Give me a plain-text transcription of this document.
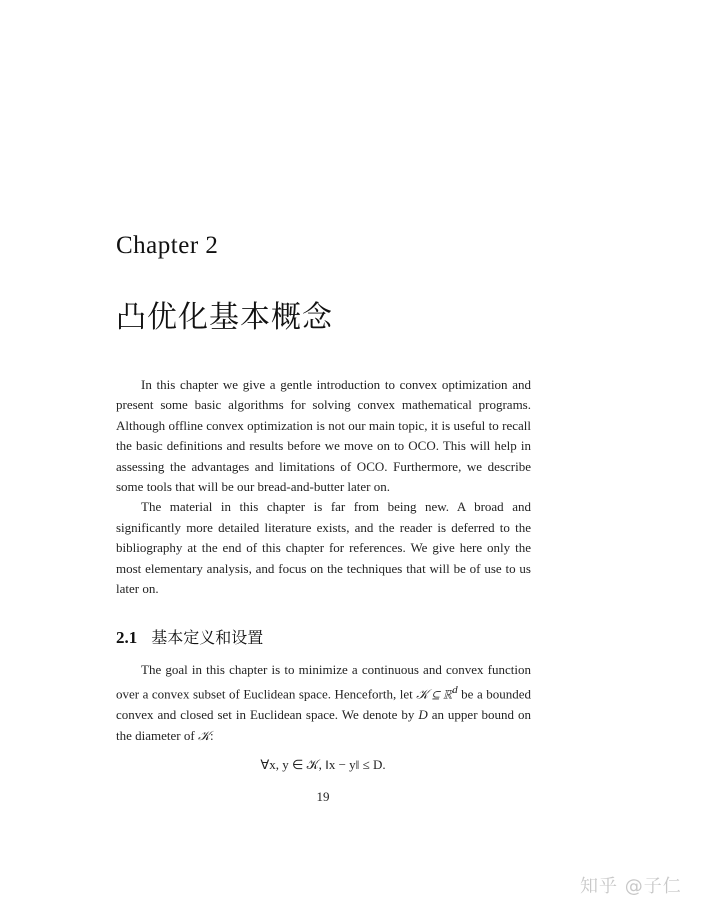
Chapter 2
凸优化基本概念

In this chapter we give a gentle introduction to convex optimization and present some basic algorithms for solving convex mathematical programs. Although offline convex optimization is not our main topic, it is useful to recall the basic definitions and results before we move on to OCO. This will help in assessing the advantages and limitations of OCO. Furthermore, we describe some tools that will be our bread-and-butter later on.

The material in this chapter is far from being new. A broad and significantly more detailed literature exists, and the reader is deferred to the bibliography at the end of this chapter for references. We give here only the most elementary analysis, and focus on the techniques that will be of use to us later on.

2.1 基本定义和设置

The goal in this chapter is to minimize a continuous and convex function over a convex subset of Euclidean space. Henceforth, let 𝒦 ⊆ ℝ$^d$ be a bounded convex and closed set in Euclidean space. We denote by D an upper bound on the diameter of 𝒦:

∀x, y ∈ 𝒦, ‖x − y‖ ≤ D.
19
知乎 @子仁
